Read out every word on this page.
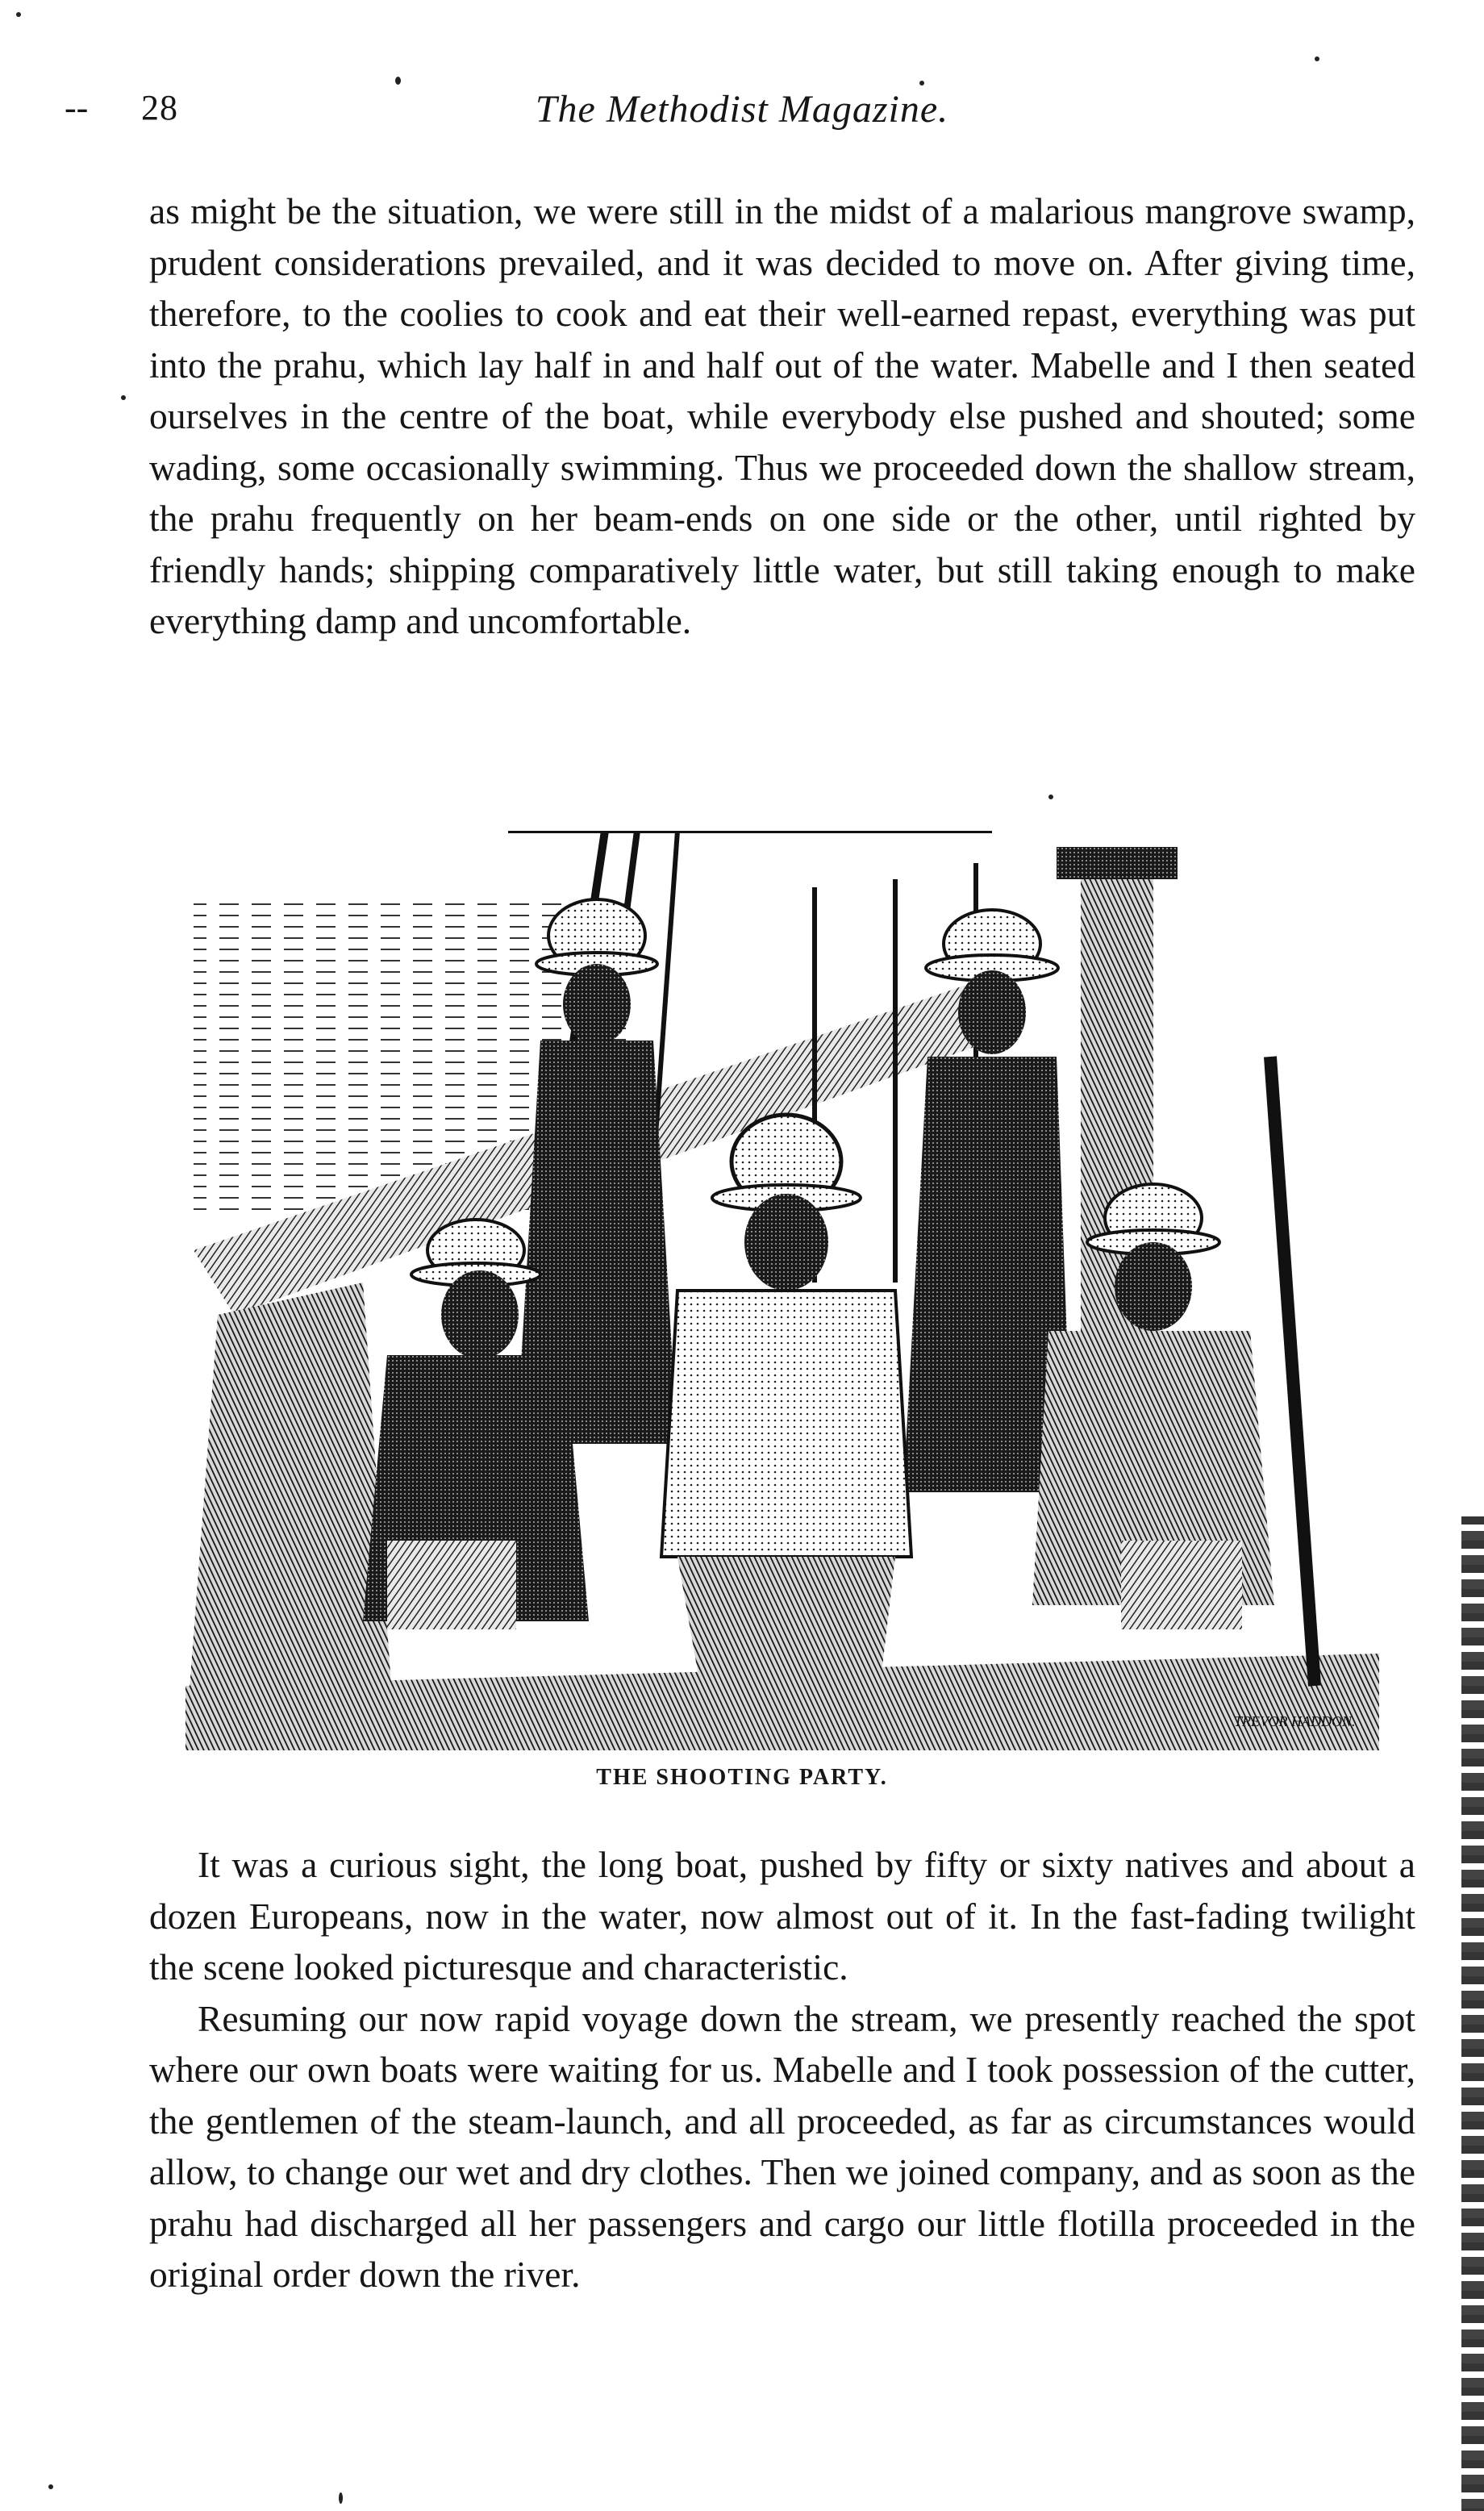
-- 28	The Methodist Magazine.

as might be the situation, we were still in the midst of a malarious mangrove swamp, prudent considerations prevailed, and it was decided to move on. After giving time, therefore, to the coolies to cook and eat their well-earned repast, everything was put into the prahu, which lay half in and half out of the water. Mabelle and I then seated ourselves in the centre of the boat, while everybody else pushed and shouted; some wading, some occasionally swimming. Thus we proceeded down the shallow stream, the prahu frequently on her beam-ends on one side or the other, until righted by friendly hands; shipping comparatively little water, but still taking enough to make everything damp and uncomfortable.

TREVOR HADDON.
THE SHOOTING PARTY.

It was a curious sight, the long boat, pushed by fifty or sixty natives and about a dozen Europeans, now in the water, now almost out of it. In the fast-fading twilight the scene looked picturesque and characteristic.

Resuming our now rapid voyage down the stream, we presently reached the spot where our own boats were waiting for us. Mabelle and I took possession of the cutter, the gentlemen of the steam-launch, and all proceeded, as far as circumstances would allow, to change our wet and dry clothes. Then we joined company, and as soon as the prahu had discharged all her passengers and cargo our little flotilla proceeded in the original order down the river.
